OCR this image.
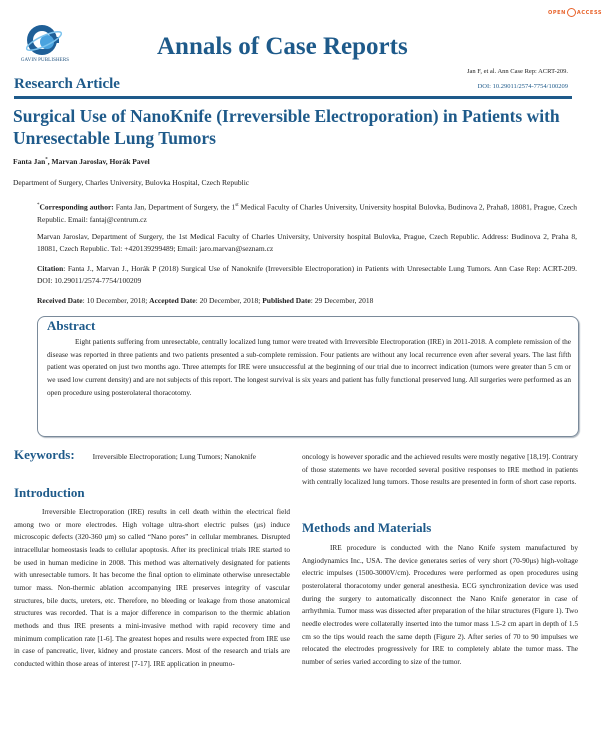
GAVIN PUBLISHERS
Annals of Case Reports
OPEN ACCESS
Research Article
Jan F, et al. Ann Case Rep: ACRT-209.
DOI: 10.29011/2574-7754/100209
Surgical Use of NanoKnife (Irreversible Electroporation) in Patients with Unresectable Lung Tumors
Fanta Jan*, Marvan Jaroslav, Horák Pavel
Department of Surgery, Charles University, Bulovka Hospital, Czech Republic
*Corresponding author: Fanta Jan, Department of Surgery, the 1st Medical Faculty of Charles University, University hospital Bulovka, Budinova 2, Praha8, 18081, Prague, Czech Republic. Email: fantaj@centrum.cz
Marvan Jaroslav, Department of Surgery, the 1st Medical Faculty of Charles University, University hospital Bulovka, Prague, Czech Republic. Address: Budinova 2, Praha 8, 18081, Czech Republic. Tel: +420139299489; Email: jaro.marvan@seznam.cz
Citation: Fanta J., Marvan J., Horák P (2018) Surgical Use of Nanoknife (Irreversible Electroporation) in Patients with Unresectable Lung Tumors. Ann Case Rep: ACRT-209. DOI: 10.29011/2574-7754/100209
Received Date: 10 December, 2018; Accepted Date: 20 December, 2018; Published Date: 29 December, 2018
Abstract
Eight patients suffering from unresectable, centrally localized lung tumor were treated with Irreversible Electroporation (IRE) in 2011-2018. A complete remission of the disease was reported in three patients and two patients presented a sub-complete remission. Four patients are without any local recurrence even after several years. The last fifth patient was operated on just two months ago. Three attempts for IRE were unsuccessful at the beginning of our trial due to incorrect indication (tumors were greater than 5 cm or we used low current density) and are not subjects of this report. The longest survival is six years and patient has fully functional preserved lung. All surgeries were performed as an open procedure using posterolateral thoracotomy.
Keywords: Irreversible Electroporation; Lung Tumors; Nanoknife
Introduction
Irreversible Electroporation (IRE) results in cell death within the electrical field among two or more electrodes. High voltage ultra-short electric pulses (μs) induce microscopic defects (320-360 μm) so called “Nano pores” in cellular membranes. Disrupted intracellular homeostasis leads to cellular apoptosis. After its preclinical trials IRE started to be used in human medicine in 2008. This method was alternatively designated for patients with unresectable tumors. It has become the final option to eliminate otherwise unresectable tumor mass. Non-thermic ablation accompanying IRE preserves integrity of vascular structures, bile ducts, ureters, etc. Therefore, no bleeding or leakage from those anatomical structures was recorded. That is a major difference in comparison to the thermic ablation methods and thus IRE presents a mini-invasive method with rapid recovery time and minimum complication rate [1-6]. The greatest hopes and results were expected from IRE use in case of pancreatic, liver, kidney and prostate cancers. Most of the research and trials are conducted within those areas of interest [7-17]. IRE application in pneumo-
oncology is however sporadic and the achieved results were mostly negative [18,19]. Contrary of those statements we have recorded several positive responses to IRE method in patients with centrally localized lung tumors. Those results are presented in form of short case reports.
Methods and Materials
IRE procedure is conducted with the Nano Knife system manufactured by Angiodynamics Inc., USA. The device generates series of very short (70-90μs) high-voltage electric impulses (1500-3000V/cm). Procedures were performed as open procedures using posterolateral thoracotomy under general anesthesia. ECG synchronization device was used during the surgery to automatically disconnect the Nano Knife generator in case of arrhythmia. Tumor mass was dissected after preparation of the hilar structures (Figure 1). Two needle electrodes were collaterally inserted into the tumor mass 1.5-2 cm apart in depth of 1.5 cm so the tips would reach the same depth (Figure 2). After series of 70 to 90 impulses we relocated the electrodes progressively for IRE to completely ablate the tumor mass. The number of series varied according to size of the tumor.
